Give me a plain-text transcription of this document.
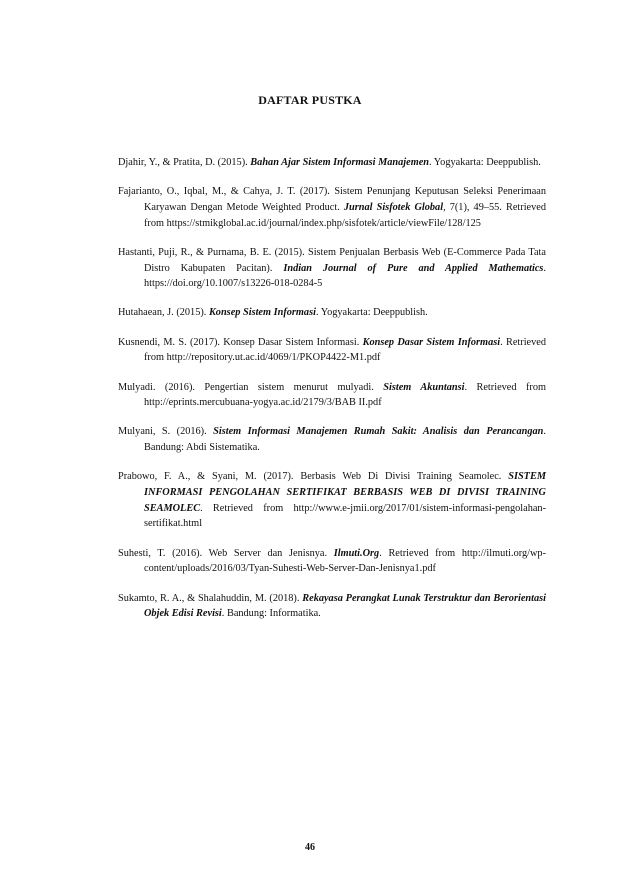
DAFTAR PUSTKA
Djahir, Y., & Pratita, D. (2015). Bahan Ajar Sistem Informasi Manajemen. Yogyakarta: Deeppublish.
Fajarianto, O., Iqbal, M., & Cahya, J. T. (2017). Sistem Penunjang Keputusan Seleksi Penerimaan Karyawan Dengan Metode Weighted Product. Jurnal Sisfotek Global, 7(1), 49–55. Retrieved from https://stmikglobal.ac.id/journal/index.php/sisfotek/article/viewFile/128/125
Hastanti, Puji, R., & Purnama, B. E. (2015). Sistem Penjualan Berbasis Web (E-Commerce Pada Tata Distro Kabupaten Pacitan). Indian Journal of Pure and Applied Mathematics. https://doi.org/10.1007/s13226-018-0284-5
Hutahaean, J. (2015). Konsep Sistem Informasi. Yogyakarta: Deeppublish.
Kusnendi, M. S. (2017). Konsep Dasar Sistem Informasi. Konsep Dasar Sistem Informasi. Retrieved from http://repository.ut.ac.id/4069/1/PKOP4422-M1.pdf
Mulyadi. (2016). Pengertian sistem menurut mulyadi. Sistem Akuntansi. Retrieved from http://eprints.mercubuana-yogya.ac.id/2179/3/BAB II.pdf
Mulyani, S. (2016). Sistem Informasi Manajemen Rumah Sakit: Analisis dan Perancangan. Bandung: Abdi Sistematika.
Prabowo, F. A., & Syani, M. (2017). Berbasis Web Di Divisi Training Seamolec. SISTEM INFORMASI PENGOLAHAN SERTIFIKAT BERBASIS WEB DI DIVISI TRAINING SEAMOLEC. Retrieved from http://www.e-jmii.org/2017/01/sistem-informasi-pengolahan-sertifikat.html
Suhesti, T. (2016). Web Server dan Jenisnya. Ilmuti.Org. Retrieved from http://ilmuti.org/wp-content/uploads/2016/03/Tyan-Suhesti-Web-Server-Dan-Jenisnya1.pdf
Sukamto, R. A., & Shalahuddin, M. (2018). Rekayasa Perangkat Lunak Terstruktur dan Berorientasi Objek Edisi Revisi. Bandung: Informatika.
46
